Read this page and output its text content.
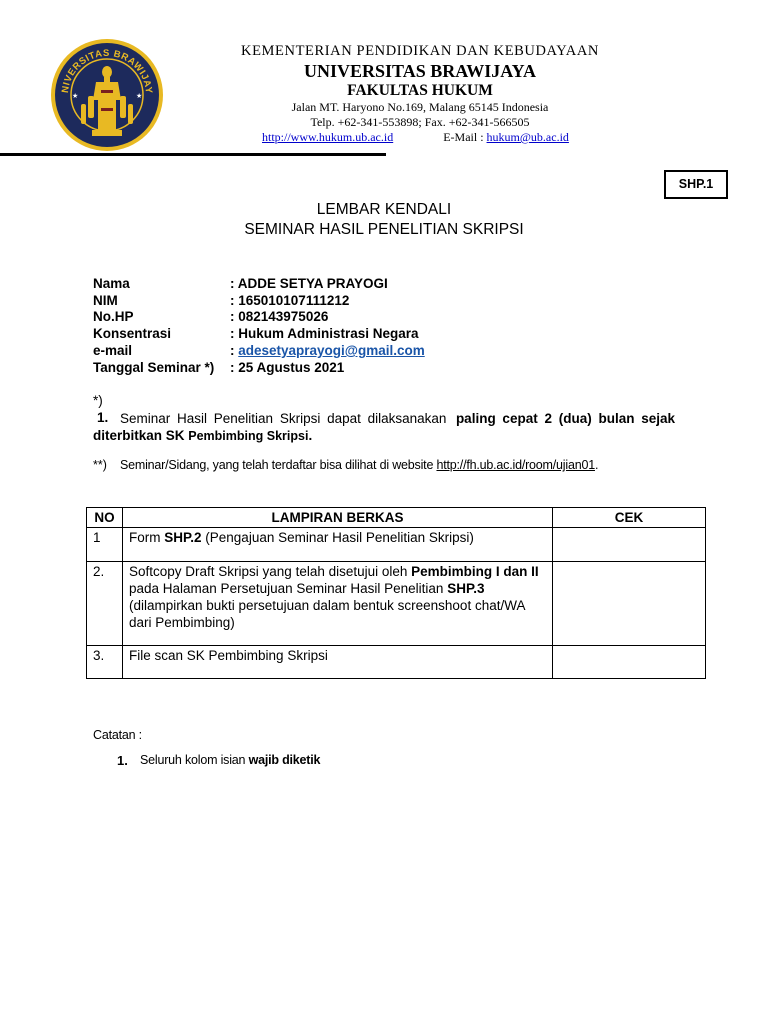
NIVERSITAS BRAWIJAY
★	★
KEMENTERIAN PENDIDIKAN DAN KEBUDAYAAN
UNIVERSITAS BRAWIJAYA
FAKULTAS HUKUM
Jalan MT. Haryono No.169, Malang 65145 Indonesia
Telp. +62-341-553898; Fax. +62-341-566505
http://www.hukum.ub.ac.id	E-Mail : hukum@ub.ac.id
SHP.1
LEMBAR KENDALI
SEMINAR HASIL PENELITIAN SKRIPSI
Nama	: ADDE SETYA PRAYOGI
NIM	: 165010107111212
No.HP	: 082143975026
Konsentrasi	: Hukum Administrasi Negara
e-mail	: adesetyaprayogi@gmail.com
Tanggal Seminar *)	: 25 Agustus 2021
*)
1. Seminar Hasil Penelitian Skripsi dapat dilaksanakan paling cepat 2 (dua) bulan sejak
diterbitkan SK Pembimbing Skripsi.
**) Seminar/Sidang, yang telah terdaftar bisa dilihat di website http://fh.ub.ac.id/room/ujian01.
NO	LAMPIRAN BERKAS	CEK
1	Form SHP.2 (Pengajuan Seminar Hasil Penelitian Skripsi)	
2.	Softcopy Draft Skripsi yang telah disetujui oleh Pembimbing I dan II
pada Halaman Persetujuan Seminar Hasil Penelitian SHP.3
(dilampirkan bukti persetujuan dalam bentuk screenshoot chat/WA dari Pembimbing)	
3.	File scan SK Pembimbing Skripsi	
Catatan :
1. Seluruh kolom isian wajib diketik
